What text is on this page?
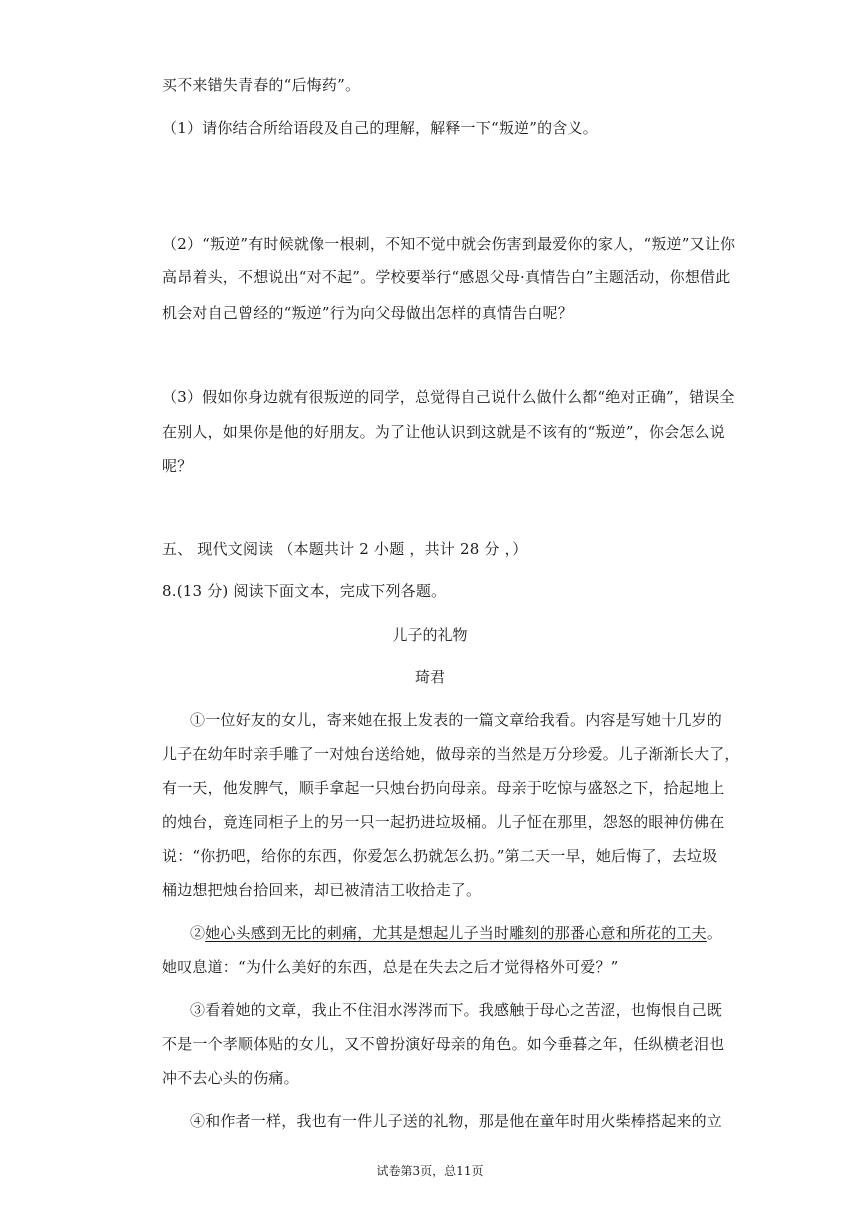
买不来错失青春的“后悔药”。
（1）请你结合所给语段及自己的理解，解释一下“叛逆”的含义。
（2）“叛逆”有时候就像一根刺，不知不觉中就会伤害到最爱你的家人，“叛逆”又让你
高昂着头，不想说出“对不起”。学校要举行“感恩父母·真情告白”主题活动，你想借此
机会对自己曾经的“叛逆”行为向父母做出怎样的真情告白呢？
（3）假如你身边就有很叛逆的同学，总觉得自己说什么做什么都“绝对正确”，错误全
在别人，如果你是他的好朋友。为了让他认识到这就是不该有的“叛逆”，你会怎么说
呢？
五、 现代文阅读 （本题共计 2 小题 ，共计 28 分 ，）
8.(13 分) 阅读下面文本，完成下列各题。
儿子的礼物
琦君
①一位好友的女儿，寄来她在报上发表的一篇文章给我看。内容是写她十几岁的
儿子在幼年时亲手雕了一对烛台送给她，做母亲的当然是万分珍爱。儿子渐渐长大了，
有一天，他发脾气，顺手拿起一只烛台扔向母亲。母亲于吃惊与盛怒之下，拾起地上
的烛台，竟连同柜子上的另一只一起扔进垃圾桶。儿子怔在那里，怨怒的眼神仿佛在
说：“你扔吧，给你的东西，你爱怎么扔就怎么扔。”第二天一早，她后悔了，去垃圾
桶边想把烛台拾回来，却已被清洁工收拾走了。
②她心头感到无比的刺痛，尤其是想起儿子当时雕刻的那番心意和所花的工夫。
她叹息道：“为什么美好的东西，总是在失去之后才觉得格外可爱？”
③看着她的文章，我止不住泪水涔涔而下。我感触于母心之苦涩，也悔恨自己既
不是一个孝顺体贴的女儿，又不曾扮演好母亲的角色。如今垂暮之年，任纵横老泪也
冲不去心头的伤痛。
④和作者一样，我也有一件儿子送的礼物，那是他在童年时用火柴棒搭起来的立
试卷第3页，总11页
